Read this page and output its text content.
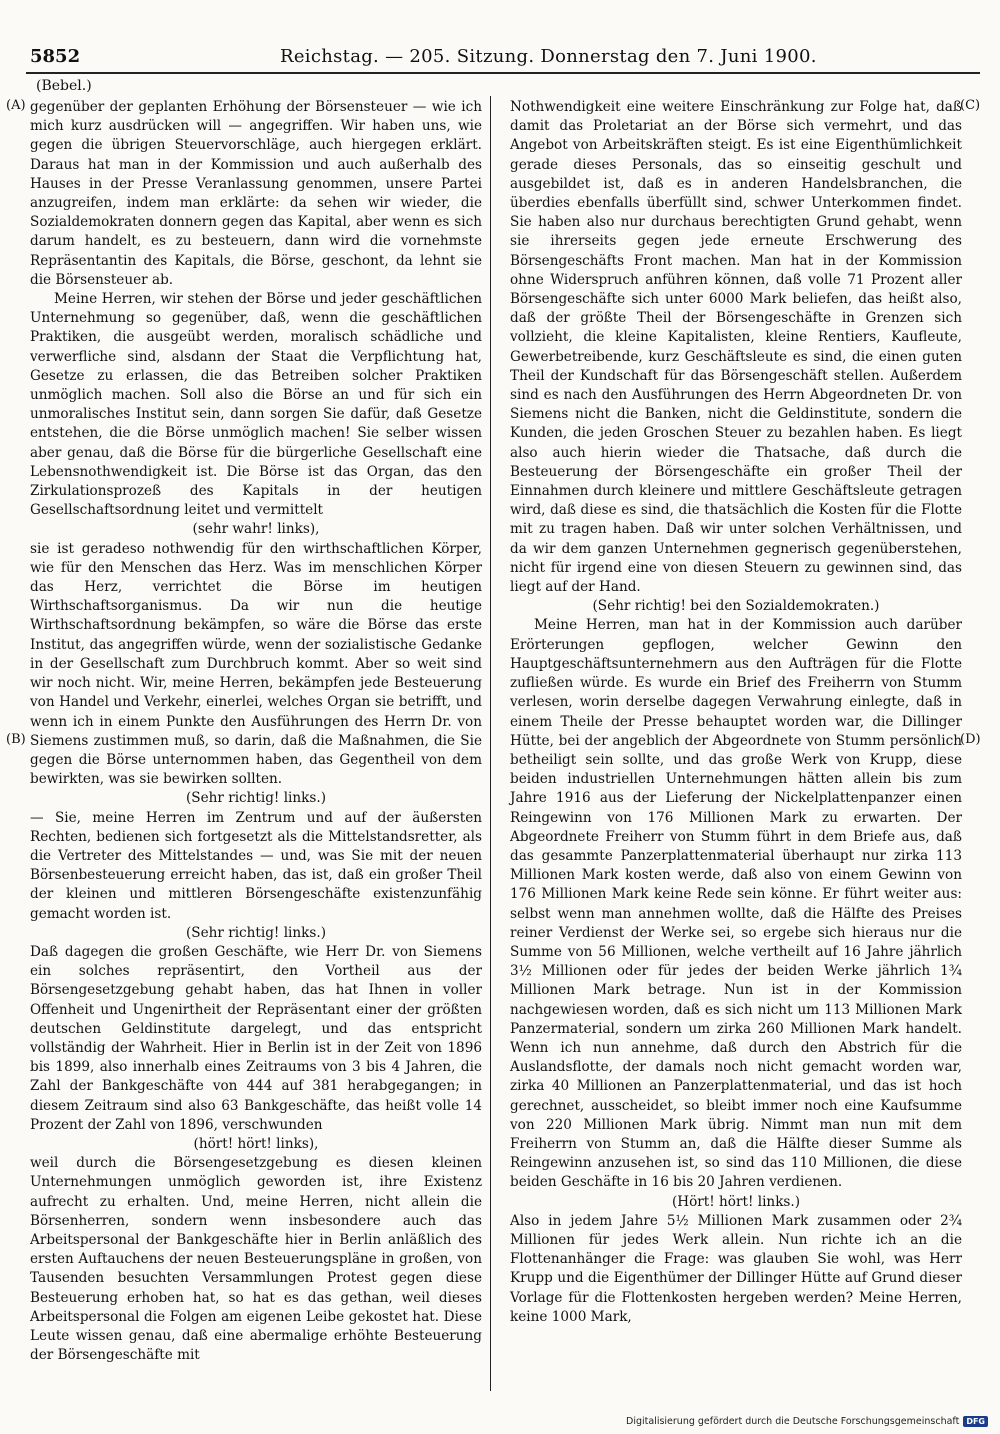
5852	Reichstag. — 205. Sitzung. Donnerstag den 7. Juni 1900.
(Bebel.)
(A)
(B)
(C)
(D)

gegenüber der geplanten Erhöhung der Börsensteuer — wie ich mich kurz ausdrücken will — angegriffen. Wir haben uns, wie gegen die übrigen Steuervorschläge, auch hiergegen erklärt. Daraus hat man in der Kommission und auch außerhalb des Hauses in der Presse Veranlassung genommen, unsere Partei anzugreifen, indem man erklärte: da sehen wir wieder, die Sozialdemokraten donnern gegen das Kapital, aber wenn es sich darum handelt, es zu besteuern, dann wird die vornehmste Repräsentantin des Kapitals, die Börse, geschont, da lehnt sie die Börsensteuer ab.

Meine Herren, wir stehen der Börse und jeder geschäftlichen Unternehmung so gegenüber, daß, wenn die geschäftlichen Praktiken, die ausgeübt werden, moralisch schädliche und verwerfliche sind, alsdann der Staat die Verpflichtung hat, Gesetze zu erlassen, die das Betreiben solcher Praktiken unmöglich machen. Soll also die Börse an und für sich ein unmoralisches Institut sein, dann sorgen Sie dafür, daß Gesetze entstehen, die die Börse unmöglich machen! Sie selber wissen aber genau, daß die Börse für die bürgerliche Gesellschaft eine Lebensnothwendigkeit ist. Die Börse ist das Organ, das den Zirkulationsprozeß des Kapitals in der heutigen Gesellschaftsordnung leitet und vermittelt

(sehr wahr! links),

sie ist geradeso nothwendig für den wirthschaftlichen Körper, wie für den Menschen das Herz. Was im menschlichen Körper das Herz, verrichtet die Börse im heutigen Wirthschaftsorganismus. Da wir nun die heutige Wirthschaftsordnung bekämpfen, so wäre die Börse das erste Institut, das angegriffen würde, wenn der sozialistische Gedanke in der Gesellschaft zum Durchbruch kommt. Aber so weit sind wir noch nicht. Wir, meine Herren, bekämpfen jede Besteuerung von Handel und Verkehr, einerlei, welches Organ sie betrifft, und wenn ich in einem Punkte den Ausführungen des Herrn Dr. von Siemens zustimmen muß, so darin, daß die Maßnahmen, die Sie gegen die Börse unternommen haben, das Gegentheil von dem bewirkten, was sie bewirken sollten.

(Sehr richtig! links.)

— Sie, meine Herren im Zentrum und auf der äußersten Rechten, bedienen sich fortgesetzt als die Mittelstandsretter, als die Vertreter des Mittelstandes — und, was Sie mit der neuen Börsenbesteuerung erreicht haben, das ist, daß ein großer Theil der kleinen und mittleren Börsengeschäfte existenzunfähig gemacht worden ist.

(Sehr richtig! links.)

Daß dagegen die großen Geschäfte, wie Herr Dr. von Siemens ein solches repräsentirt, den Vortheil aus der Börsengesetzgebung gehabt haben, das hat Ihnen in voller Offenheit und Ungenirtheit der Repräsentant einer der größten deutschen Geldinstitute dargelegt, und das entspricht vollständig der Wahrheit. Hier in Berlin ist in der Zeit von 1896 bis 1899, also innerhalb eines Zeitraums von 3 bis 4 Jahren, die Zahl der Bankgeschäfte von 444 auf 381 herabgegangen; in diesem Zeitraum sind also 63 Bankgeschäfte, das heißt volle 14 Prozent der Zahl von 1896, verschwunden

(hört! hört! links),

weil durch die Börsengesetzgebung es diesen kleinen Unternehmungen unmöglich geworden ist, ihre Existenz aufrecht zu erhalten. Und, meine Herren, nicht allein die Börsenherren, sondern wenn insbesondere auch das Arbeitspersonal der Bankgeschäfte hier in Berlin anläßlich des ersten Auftauchens der neuen Besteuerungspläne in großen, von Tausenden besuchten Versammlungen Protest gegen diese Besteuerung erhoben hat, so hat es das gethan, weil dieses Arbeitspersonal die Folgen am eigenen Leibe gekostet hat. Diese Leute wissen genau, daß eine abermalige erhöhte Besteuerung der Börsengeschäfte mit

Nothwendigkeit eine weitere Einschränkung zur Folge hat, daß damit das Proletariat an der Börse sich vermehrt, und das Angebot von Arbeitskräften steigt. Es ist eine Eigenthümlichkeit gerade dieses Personals, das so einseitig geschult und ausgebildet ist, daß es in anderen Handelsbranchen, die überdies ebenfalls überfüllt sind, schwer Unterkommen findet. Sie haben also nur durchaus berechtigten Grund gehabt, wenn sie ihrerseits gegen jede erneute Erschwerung des Börsengeschäfts Front machen. Man hat in der Kommission ohne Widerspruch anführen können, daß volle 71 Prozent aller Börsengeschäfte sich unter 6000 Mark beliefen, das heißt also, daß der größte Theil der Börsengeschäfte in Grenzen sich vollzieht, die kleine Kapitalisten, kleine Rentiers, Kaufleute, Gewerbetreibende, kurz Geschäftsleute es sind, die einen guten Theil der Kundschaft für das Börsengeschäft stellen. Außerdem sind es nach den Ausführungen des Herrn Abgeordneten Dr. von Siemens nicht die Banken, nicht die Geldinstitute, sondern die Kunden, die jeden Groschen Steuer zu bezahlen haben. Es liegt also auch hierin wieder die Thatsache, daß durch die Besteuerung der Börsengeschäfte ein großer Theil der Einnahmen durch kleinere und mittlere Geschäftsleute getragen wird, daß diese es sind, die thatsächlich die Kosten für die Flotte mit zu tragen haben. Daß wir unter solchen Verhältnissen, und da wir dem ganzen Unternehmen gegnerisch gegenüberstehen, nicht für irgend eine von diesen Steuern zu gewinnen sind, das liegt auf der Hand.

(Sehr richtig! bei den Sozialdemokraten.)

Meine Herren, man hat in der Kommission auch darüber Erörterungen gepflogen, welcher Gewinn den Hauptgeschäftsunternehmern aus den Aufträgen für die Flotte zufließen würde. Es wurde ein Brief des Freiherrn von Stumm verlesen, worin derselbe dagegen Verwahrung einlegte, daß in einem Theile der Presse behauptet worden war, die Dillinger Hütte, bei der angeblich der Abgeordnete von Stumm persönlich betheiligt sein sollte, und das große Werk von Krupp, diese beiden industriellen Unternehmungen hätten allein bis zum Jahre 1916 aus der Lieferung der Nickelplattenpanzer einen Reingewinn von 176 Millionen Mark zu erwarten. Der Abgeordnete Freiherr von Stumm führt in dem Briefe aus, daß das gesammte Panzerplattenmaterial überhaupt nur zirka 113 Millionen Mark kosten werde, daß also von einem Gewinn von 176 Millionen Mark keine Rede sein könne. Er führt weiter aus: selbst wenn man annehmen wollte, daß die Hälfte des Preises reiner Verdienst der Werke sei, so ergebe sich hieraus nur die Summe von 56 Millionen, welche vertheilt auf 16 Jahre jährlich 3½ Millionen oder für jedes der beiden Werke jährlich 1¾ Millionen Mark betrage. Nun ist in der Kommission nachgewiesen worden, daß es sich nicht um 113 Millionen Mark Panzermaterial, sondern um zirka 260 Millionen Mark handelt. Wenn ich nun annehme, daß durch den Abstrich für die Auslandsflotte, der damals noch nicht gemacht worden war, zirka 40 Millionen an Panzerplattenmaterial, und das ist hoch gerechnet, ausscheidet, so bleibt immer noch eine Kaufsumme von 220 Millionen Mark übrig. Nimmt man nun mit dem Freiherrn von Stumm an, daß die Hälfte dieser Summe als Reingewinn anzusehen ist, so sind das 110 Millionen, die diese beiden Geschäfte in 16 bis 20 Jahren verdienen.

(Hört! hört! links.)

Also in jedem Jahre 5½ Millionen Mark zusammen oder 2¾ Millionen für jedes Werk allein. Nun richte ich an die Flottenanhänger die Frage: was glauben Sie wohl, was Herr Krupp und die Eigenthümer der Dillinger Hütte auf Grund dieser Vorlage für die Flottenkosten hergeben werden? Meine Herren, keine 1000 Mark,

Digitalisierung gefördert durch die Deutsche Forschungsgemeinschaft DFG
